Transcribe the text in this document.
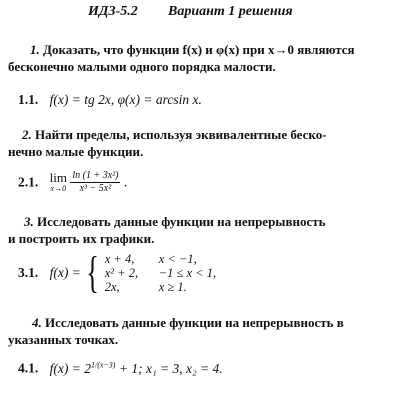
ИДЗ-5.2 Вариант 1 решения
1. Доказать, что функции f(x) и φ(x) при x→0 являются
бесконечно малыми одного порядка малости.
1.1. f(x) = tg 2x, φ(x) = arcsin x.
2. Найти пределы, используя эквивалентные беско-
нечно малые функции.
2.1. lim
x→0
$\frac{\text{ln (1 + 3x²)}}{\text{x³ − 5x²}}$ .
3. Исследовать данные функции на непрерывность
и построить их графики.
3.1. f(x) = { x + 4,	x < −1,
x² + 2,	−1 ≤ x < 1,
2x,	x ≥ 1.
4. Исследовать данные функции на непрерывность в
указанных точках.
4.1. $f(x) = 2^{1/(x-3)} + 1$; x₁ = 3, x₂ = 4.
